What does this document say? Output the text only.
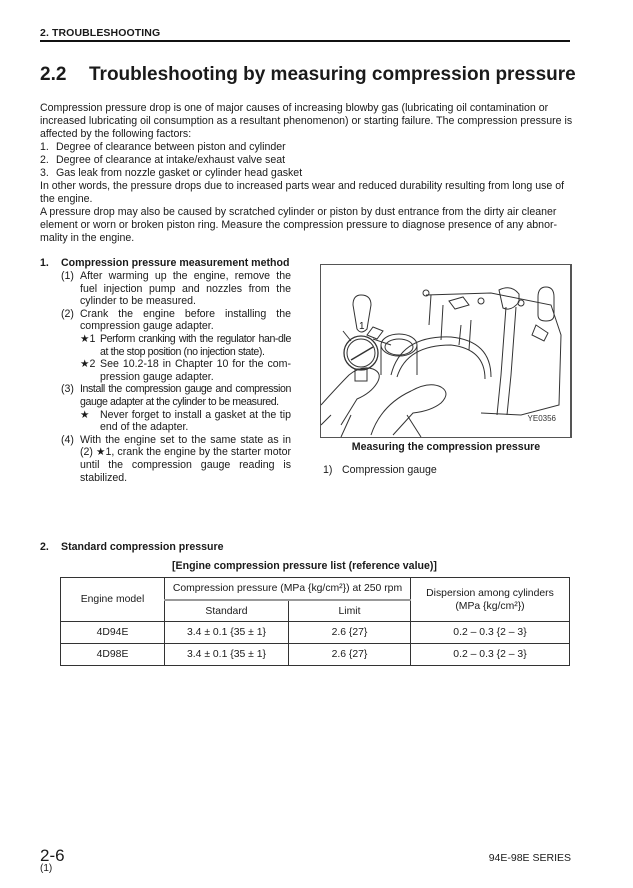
2. TROUBLESHOOTING
2.2 Troubleshooting by measuring compression pressure

Compression pressure drop is one of major causes of increasing blowby gas (lubricating oil contamination or increased lubricating oil consumption as a resultant phenomenon) or starting failure. The compression pressure is affected by the following factors:

1. Degree of clearance between piston and cylinder
2. Degree of clearance at intake/exhaust valve seat
3. Gas leak from nozzle gasket or cylinder head gasket

In other words, the pressure drops due to increased parts wear and reduced durability resulting from long use of the engine.

A pressure drop may also be caused by scratched cylinder or piston by dust entrance from the dirty air cleaner element or worn or broken piston ring. Measure the compression pressure to diagnose presence of any abnor-mality in the engine.

1.	Compression pressure measurement method
(1) After warming up the engine, remove the fuel injection pump and nozzles from the cylinder to be measured.
(2) Crank the engine before installing the compression gauge adapter.
★1 Perform cranking with the regulator han-dle at the stop position (no injection state).
★2 See 10.2-18 in Chapter 10 for the com-pression gauge adapter.
(3) Install the compression gauge and compression gauge adapter at the cylinder to be measured.
★ Never forget to install a gasket at the tip end of the adapter.
(4) With the engine set to the same state as in (2) ★1, crank the engine by the starter motor until the compression gauge reading is stabilized.
1
YE0356
Measuring the compression pressure
1) Compression gauge
2.	Standard compression pressure
[Engine compression pressure list (reference value)]
Engine model	Compression pressure (MPa {kg/cm²}) at 250 rpm		Dispersion among cylinders (MPa {kg/cm²})
	Standard	Limit	
4D94E	3.4 ± 0.1 {35 ± 1}	2.6 {27}	0.2 – 0.3 {2 – 3}
4D98E	3.4 ± 0.1 {35 ± 1}	2.6 {27}	0.2 – 0.3 {2 – 3}
2-6
(1)
94E-98E SERIES
